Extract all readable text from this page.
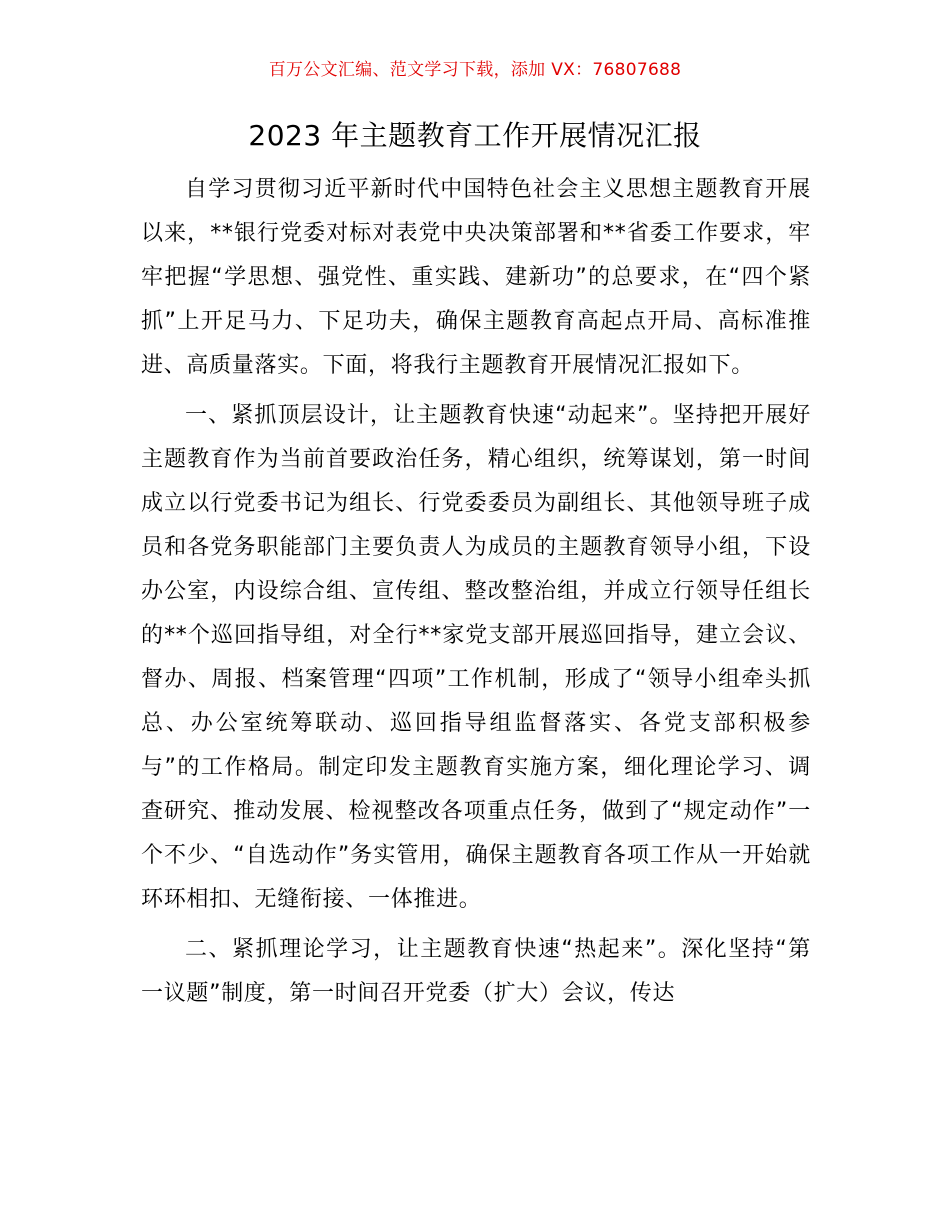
百万公文汇编、范文学习下载，添加 VX：76807688
2023 年主题教育工作开展情况汇报

自学习贯彻习近平新时代中国特色社会主义思想主题教育开展以来，**银行党委对标对表党中央决策部署和**省委工作要求，牢牢把握“学思想、强党性、重实践、建新功”的总要求，在“四个紧抓”上开足马力、下足功夫，确保主题教育高起点开局、高标准推进、高质量落实。下面，将我行主题教育开展情况汇报如下。

一、紧抓顶层设计，让主题教育快速“动起来”。坚持把开展好主题教育作为当前首要政治任务，精心组织，统筹谋划，第一时间成立以行党委书记为组长、行党委委员为副组长、其他领导班子成员和各党务职能部门主要负责人为成员的主题教育领导小组，下设办公室，内设综合组、宣传组、整改整治组，并成立行领导任组长的**个巡回指导组，对全行**家党支部开展巡回指导，建立会议、督办、周报、档案管理“四项”工作机制，形成了“领导小组牵头抓总、办公室统筹联动、巡回指导组监督落实、各党支部积极参与”的工作格局。制定印发主题教育实施方案，细化理论学习、调查研究、推动发展、检视整改各项重点任务，做到了“规定动作”一个不少、“自选动作”务实管用，确保主题教育各项工作从一开始就环环相扣、无缝衔接、一体推进。

二、紧抓理论学习，让主题教育快速“热起来”。深化坚持“第一议题”制度，第一时间召开党委（扩大）会议，传达
